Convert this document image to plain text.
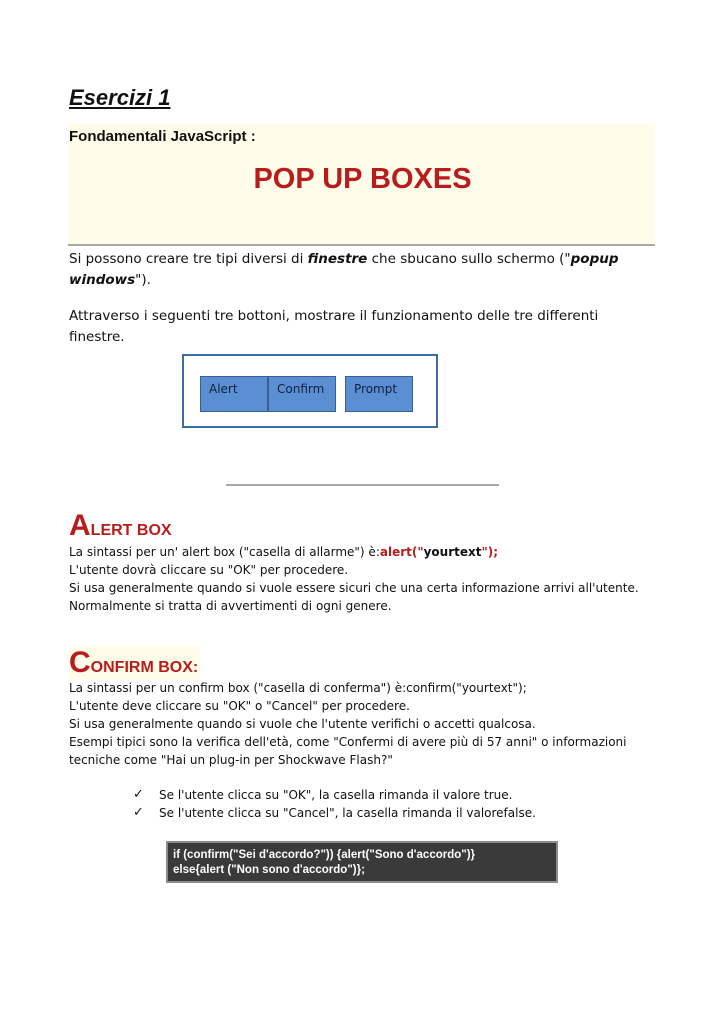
Esercizi 1
Fondamentali JavaScript :
POP UP BOXES
Si possono creare tre tipi diversi di finestre che sbucano sullo schermo ("popup windows").
Attraverso i seguenti tre bottoni, mostrare il funzionamento delle tre differenti finestre.
Alert	Confirm	Prompt
ALERT BOX
La sintassi per un' alert box ("casella di allarme") è:alert("yourtext");
L'utente dovrà cliccare su "OK" per procedere.
Si usa generalmente quando si vuole essere sicuri che una certa informazione arrivi all'utente.
Normalmente si tratta di avvertimenti di ogni genere.
CONFIRM BOX:
La sintassi per un confirm box ("casella di conferma") è:confirm("yourtext");
L'utente deve cliccare su "OK" o "Cancel" per procedere.
Si usa generalmente quando si vuole che l'utente verifichi o accetti qualcosa.
Esempi tipici sono la verifica dell'età, come "Confermi di avere più di 57 anni" o informazioni
tecniche come "Hai un plug-in per Shockwave Flash?"
✓	Se l'utente clicca su "OK", la casella rimanda il valore true.
✓	Se l'utente clicca su "Cancel", la casella rimanda il valorefalse.
if (confirm("Sei d'accordo?")) {alert("Sono d'accordo")}
else{alert ("Non sono d'accordo")};
